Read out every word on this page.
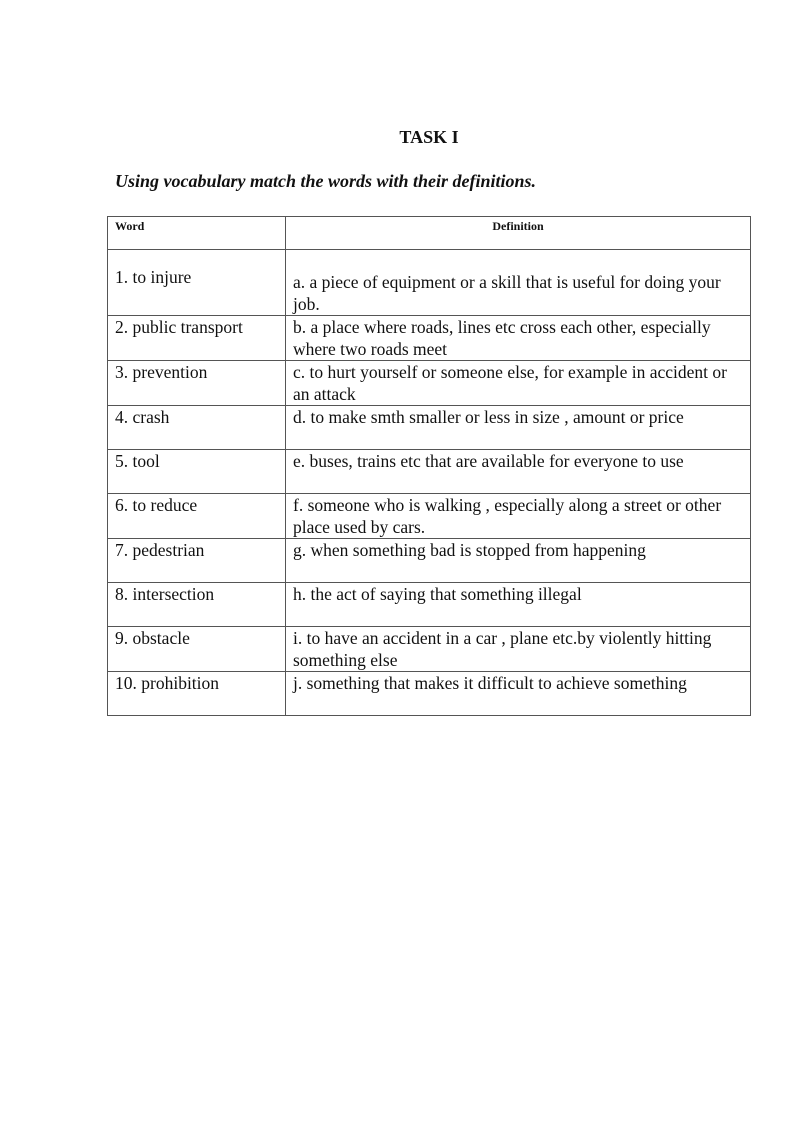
TASK I
Using vocabulary match the words with their definitions.
Word	Definition
1. to injure	a. a piece of equipment or a skill that is useful for doing your job.
2. public transport	b. a place where roads, lines etc cross each other, especially where two roads meet
3. prevention	c. to hurt yourself or someone else, for example in accident or an attack
4. crash	d. to make smth smaller or less in size , amount or price
5. tool	e. buses, trains etc that are available for everyone to use
6. to reduce	f. someone who is walking , especially along a street or other place used by cars.
7. pedestrian	g. when something bad is stopped from happening
8. intersection	h. the act of saying that something illegal
9. obstacle	i. to have an accident in a car , plane etc.by violently hitting something else
10. prohibition	j. something that makes it difficult to achieve something
